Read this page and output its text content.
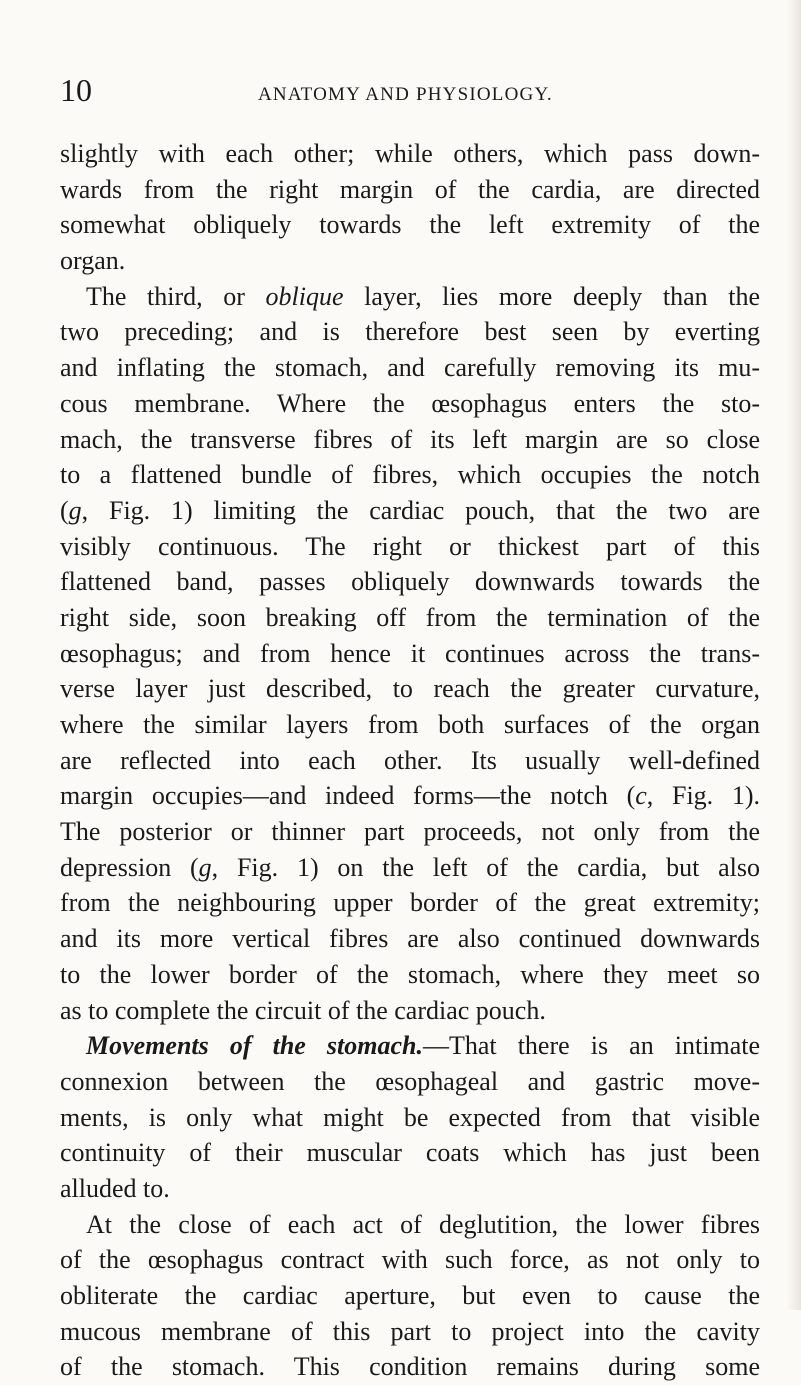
10	ANATOMY AND PHYSIOLOGY.
slightly with each other; while others, which pass down-
wards from the right margin of the cardia, are directed
somewhat obliquely towards the left extremity of the
organ.
The third, or oblique layer, lies more deeply than the
two preceding; and is therefore best seen by everting
and inflating the stomach, and carefully removing its mu-
cous membrane. Where the œsophagus enters the sto-
mach, the transverse fibres of its left margin are so close
to a flattened bundle of fibres, which occupies the notch
(g, Fig. 1) limiting the cardiac pouch, that the two are
visibly continuous. The right or thickest part of this
flattened band, passes obliquely downwards towards the
right side, soon breaking off from the termination of the
œsophagus; and from hence it continues across the trans-
verse layer just described, to reach the greater curvature,
where the similar layers from both surfaces of the organ
are reflected into each other. Its usually well-defined
margin occupies—and indeed forms—the notch (c, Fig. 1).
The posterior or thinner part proceeds, not only from the
depression (g, Fig. 1) on the left of the cardia, but also
from the neighbouring upper border of the great extremity;
and its more vertical fibres are also continued downwards
to the lower border of the stomach, where they meet so
as to complete the circuit of the cardiac pouch.
Movements of the stomach.—That there is an intimate
connexion between the œsophageal and gastric move-
ments, is only what might be expected from that visible
continuity of their muscular coats which has just been
alluded to.
At the close of each act of deglutition, the lower fibres
of the œsophagus contract with such force, as not only to
obliterate the cardiac aperture, but even to cause the
mucous membrane of this part to project into the cavity
of the stomach. This condition remains during some
